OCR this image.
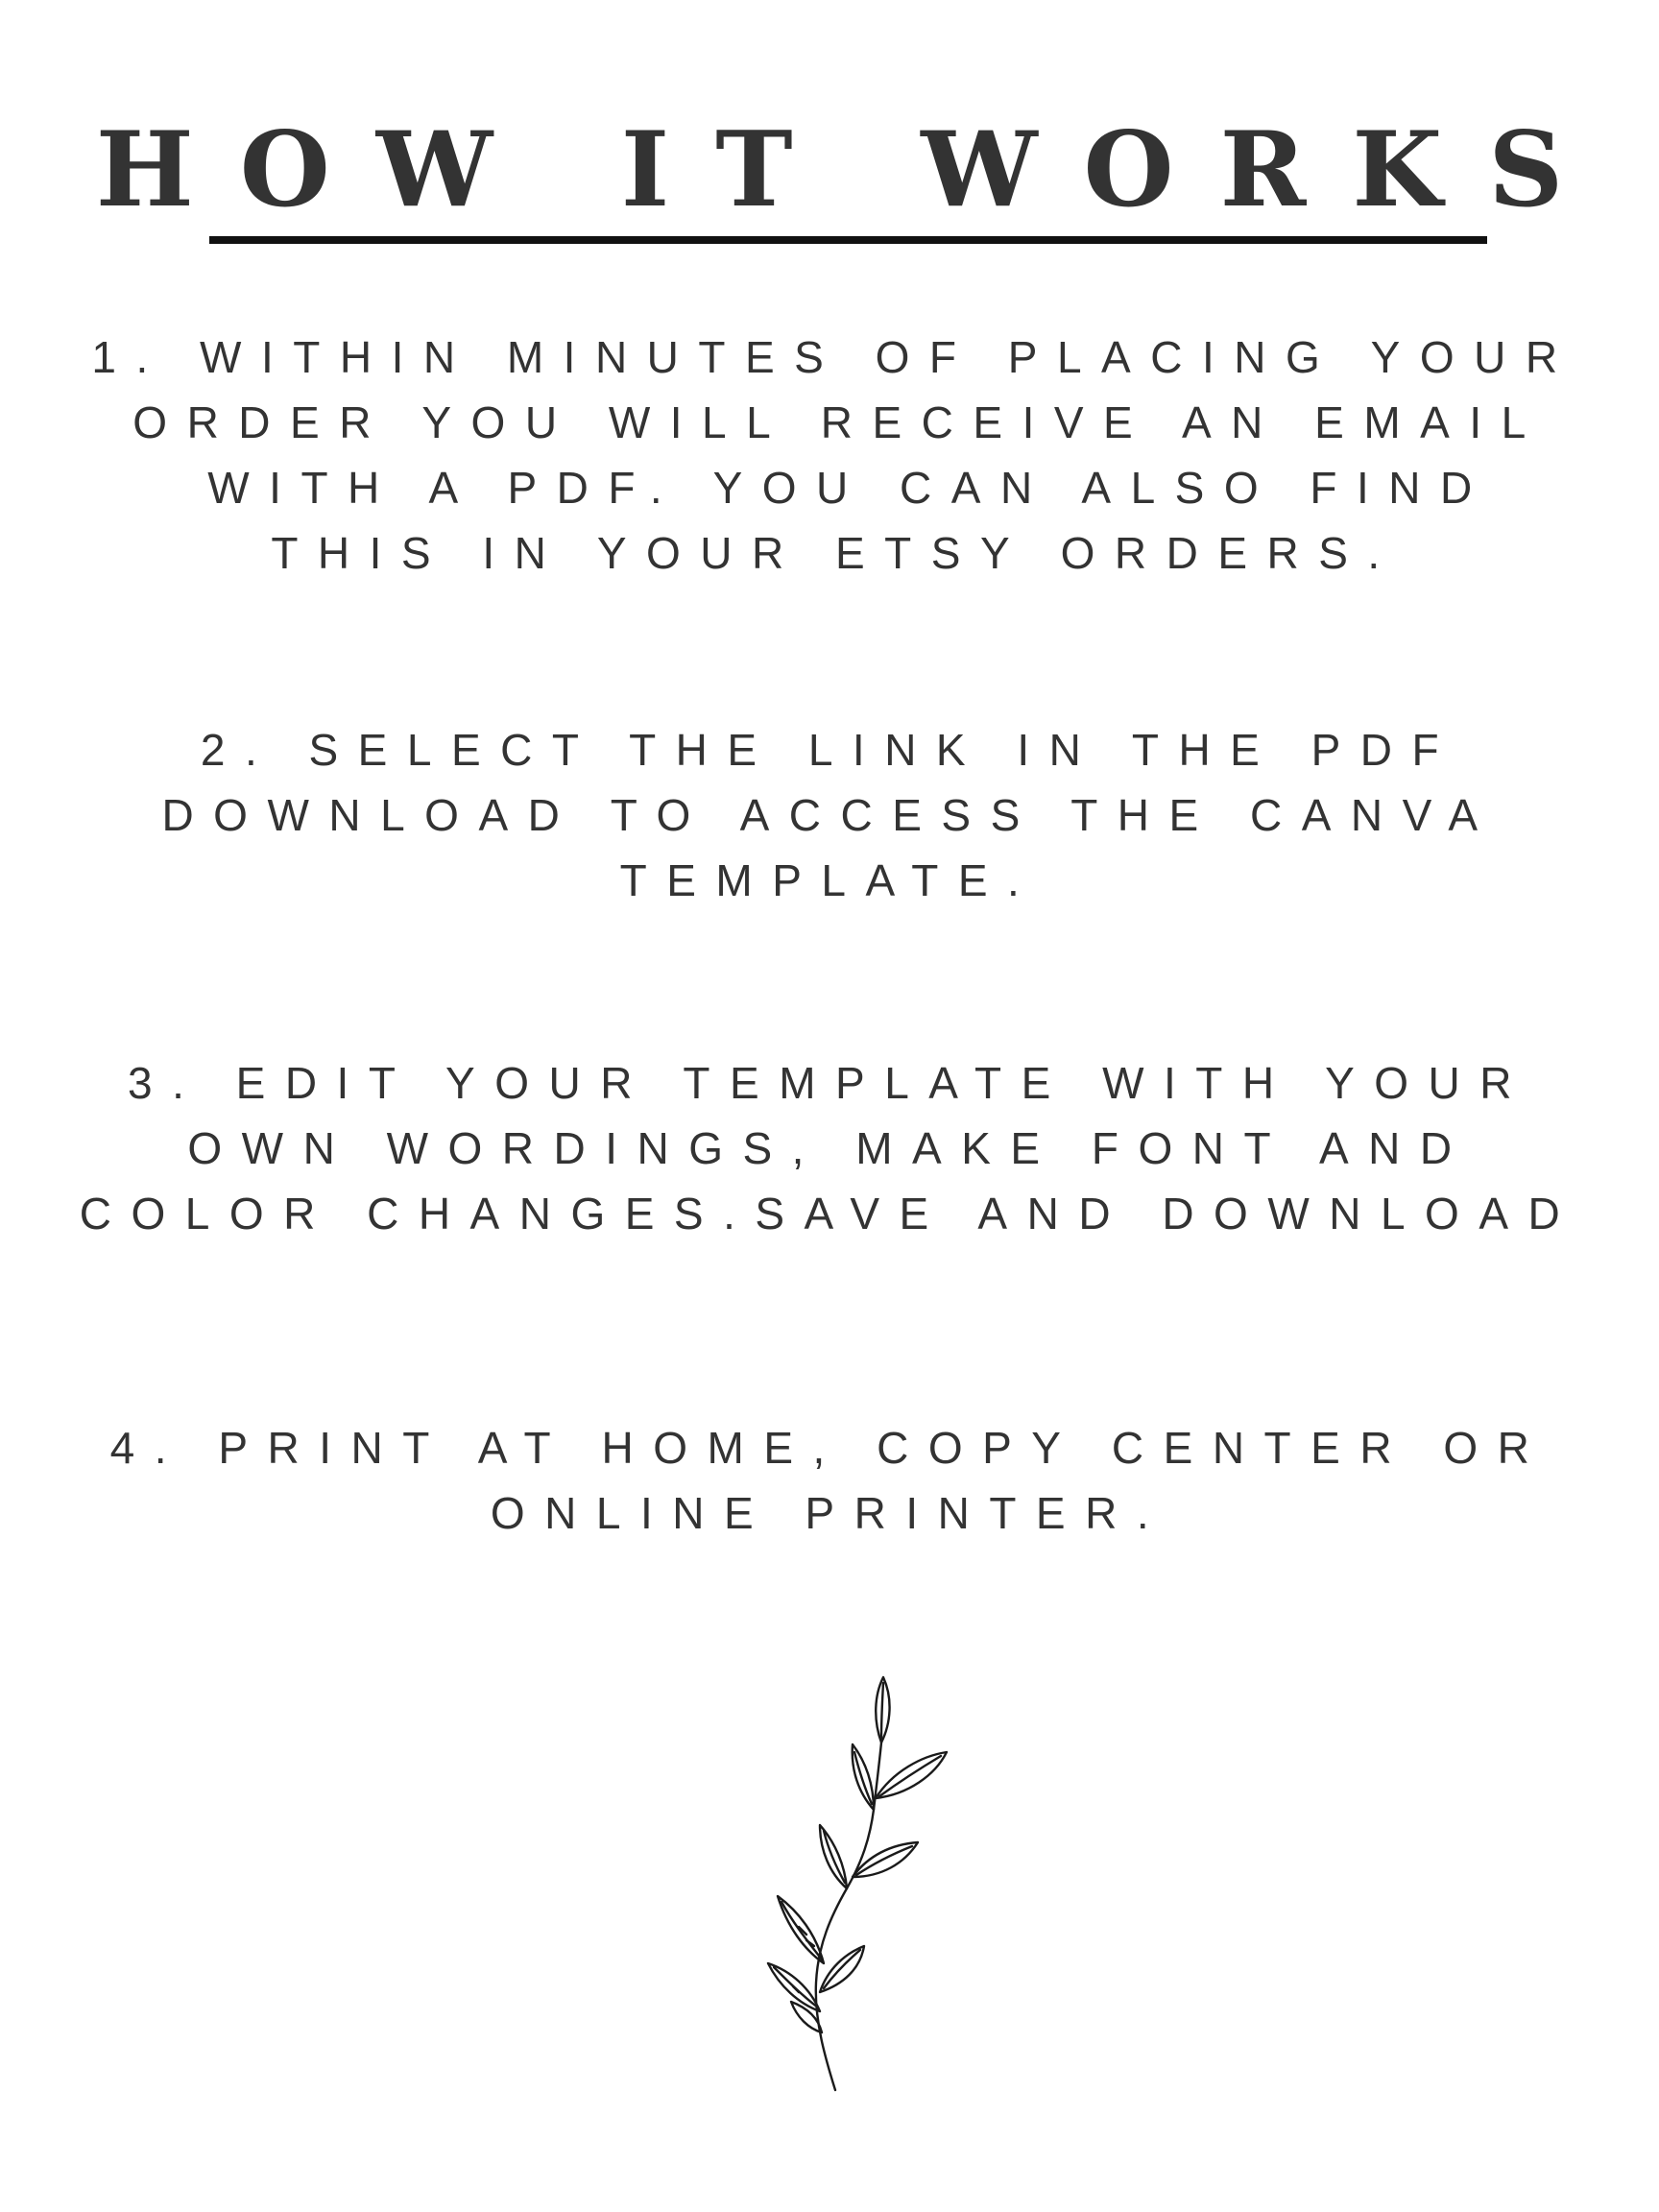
HOW IT WORKS
1. WITHIN MINUTES OF PLACING YOUR
ORDER YOU WILL RECEIVE AN EMAIL
WITH A PDF. YOU CAN ALSO FIND
THIS IN YOUR ETSY ORDERS.
2. SELECT THE LINK IN THE PDF
DOWNLOAD TO ACCESS THE CANVA
TEMPLATE.
3. EDIT YOUR TEMPLATE WITH YOUR
OWN WORDINGS, MAKE FONT AND
COLOR CHANGES.SAVE AND DOWNLOAD
4. PRINT AT HOME, COPY CENTER OR
ONLINE PRINTER.
